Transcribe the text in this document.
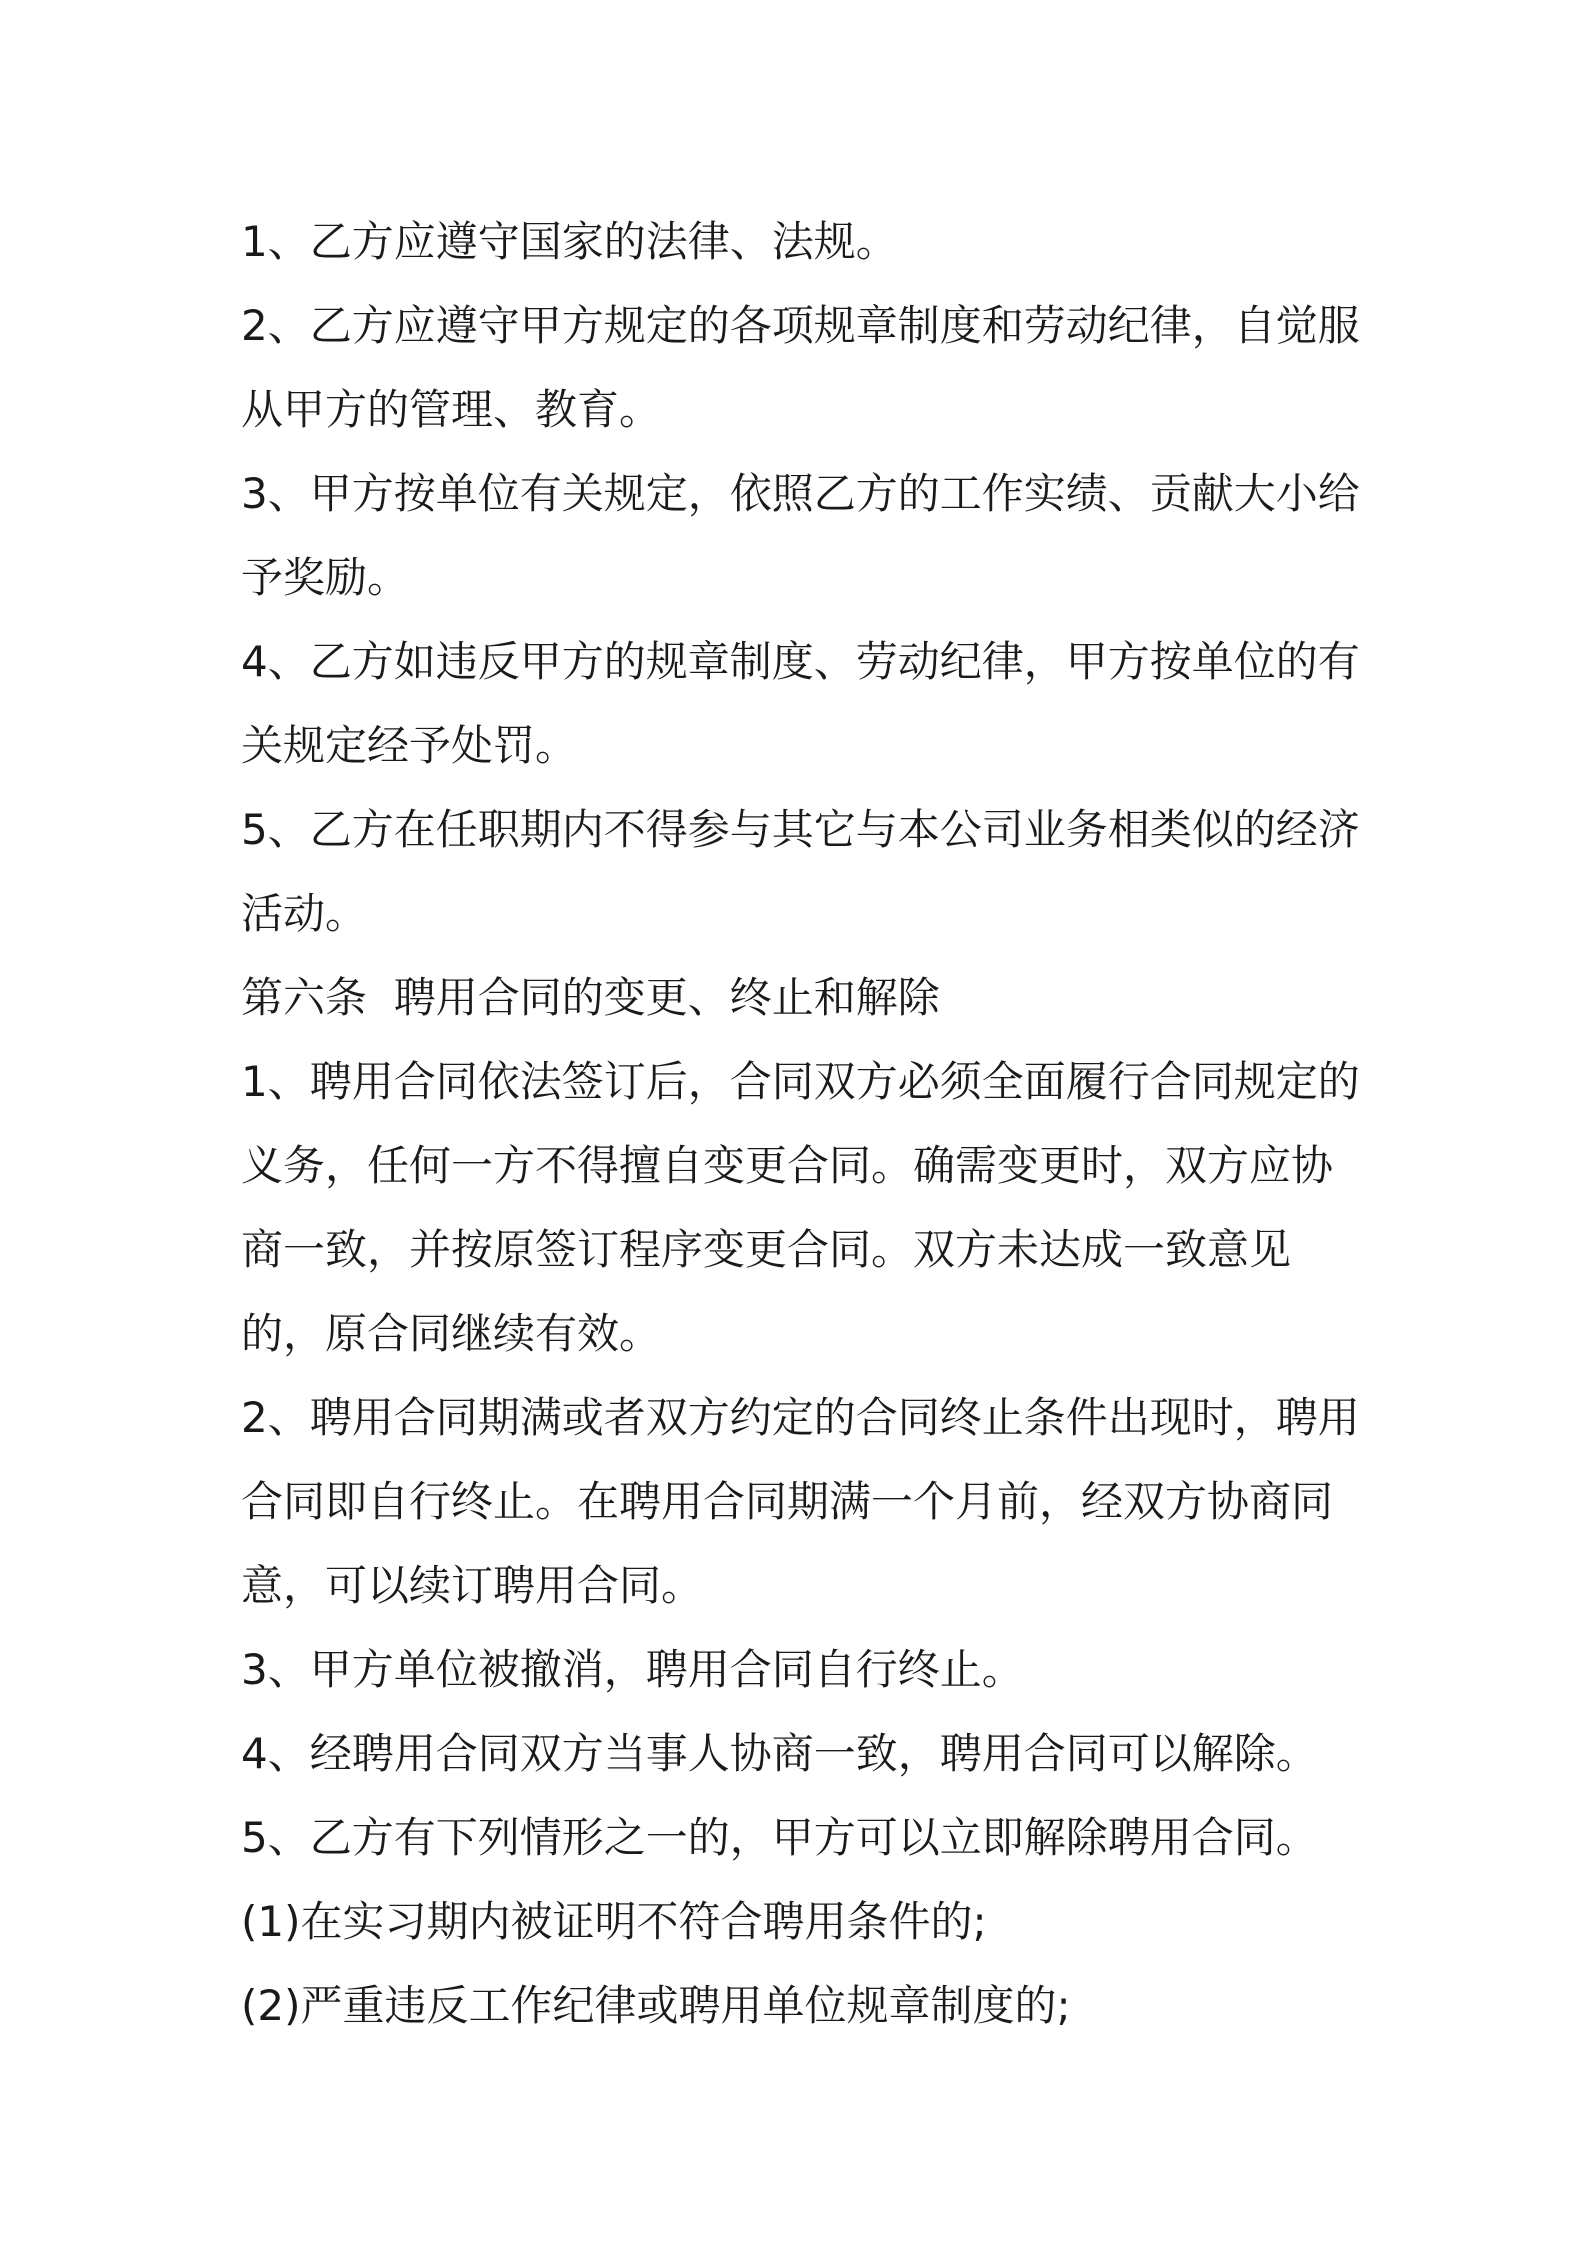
1、乙方应遵守国家的法律、法规。

2、乙方应遵守甲方规定的各项规章制度和劳动纪律，自觉服从甲方的管理、教育。

3、甲方按单位有关规定，依照乙方的工作实绩、贡献大小给予奖励。

4、乙方如违反甲方的规章制度、劳动纪律，甲方按单位的有关规定经予处罚。

5、乙方在任职期内不得参与其它与本公司业务相类似的经济活动。

第六条  聘用合同的变更、终止和解除

1、聘用合同依法签订后，合同双方必须全面履行合同规定的义务，任何一方不得擅自变更合同。确需变更时，双方应协商一致，并按原签订程序变更合同。双方未达成一致意见的，原合同继续有效。

2、聘用合同期满或者双方约定的合同终止条件出现时，聘用合同即自行终止。在聘用合同期满一个月前，经双方协商同意，可以续订聘用合同。

3、甲方单位被撤消，聘用合同自行终止。

4、经聘用合同双方当事人协商一致，聘用合同可以解除。

5、乙方有下列情形之一的，甲方可以立即解除聘用合同。

(1)在实习期内被证明不符合聘用条件的;

(2)严重违反工作纪律或聘用单位规章制度的;
